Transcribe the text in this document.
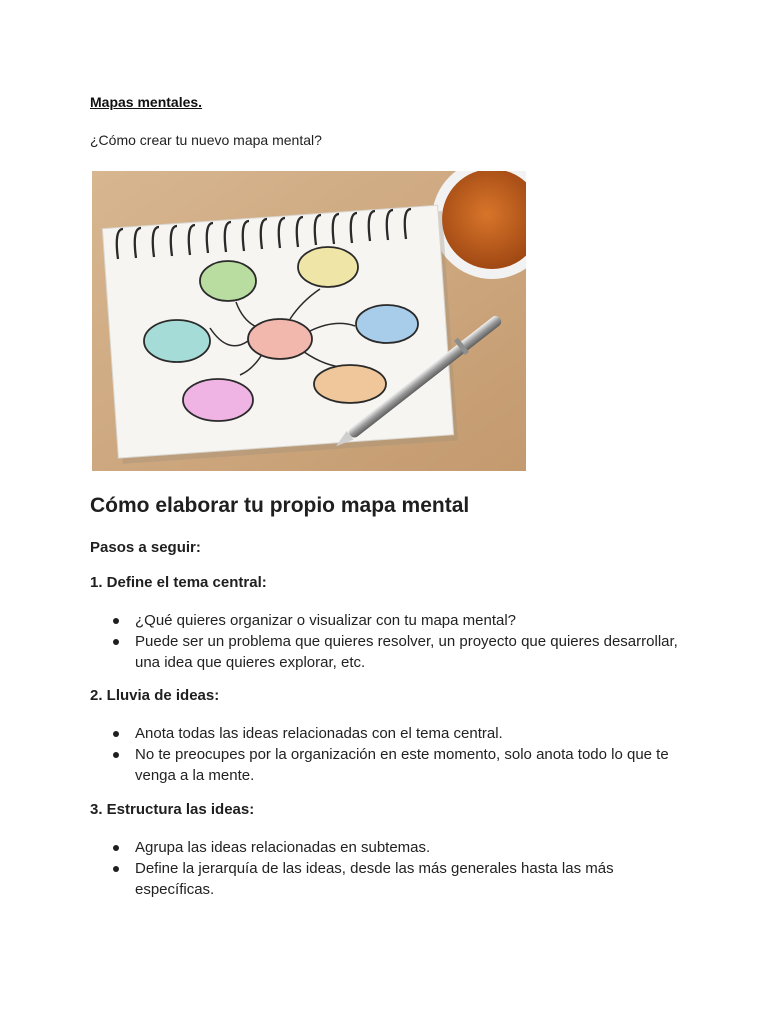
Mapas mentales.
¿Cómo crear tu nuevo mapa mental?
Cómo elaborar tu propio mapa mental
Pasos a seguir:
1. Define el tema central:
¿Qué quieres organizar o visualizar con tu mapa mental?
Puede ser un problema que quieres resolver, un proyecto que quieres desarrollar, una idea que quieres explorar, etc.
2. Lluvia de ideas:
Anota todas las ideas relacionadas con el tema central.
No te preocupes por la organización en este momento, solo anota todo lo que te venga a la mente.
3. Estructura las ideas:
Agrupa las ideas relacionadas en subtemas.
Define la jerarquía de las ideas, desde las más generales hasta las más específicas.
